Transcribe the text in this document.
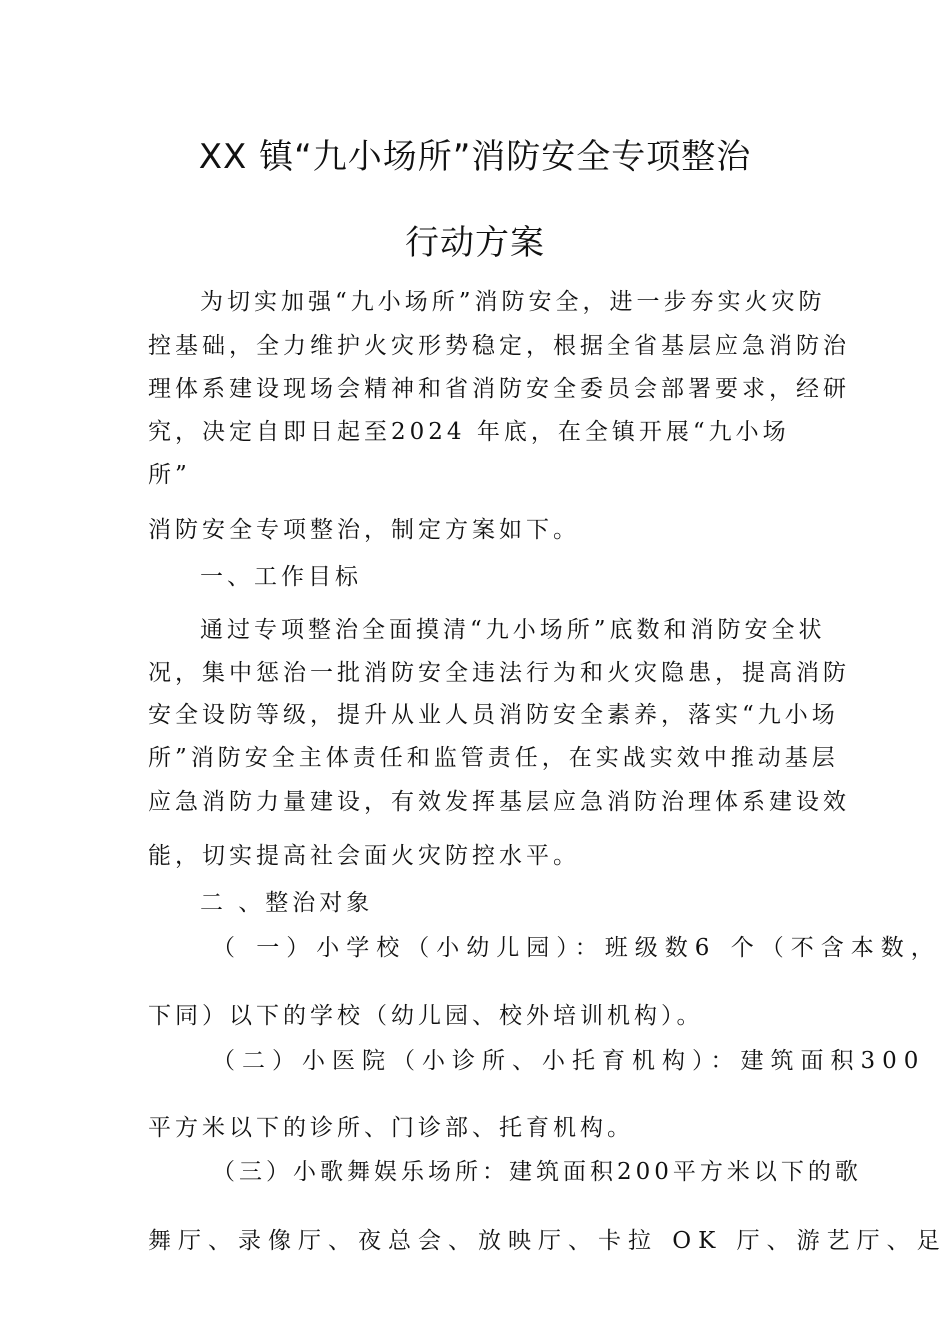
XX 镇“九小场所”消防安全专项整治
行动方案
为切实加强“九小场所”消防安全，进一步夯实火灾防
控基础，全力维护火灾形势稳定，根据全省基层应急消防治
理体系建设现场会精神和省消防安全委员会部署要求，经研
究，决定自即日起至2024 年底，在全镇开展“九小场
所”
消防安全专项整治，制定方案如下。
一、工作目标
通过专项整治全面摸清“九小场所”底数和消防安全状
况，集中惩治一批消防安全违法行为和火灾隐患，提高消防
安全设防等级，提升从业人员消防安全素养，落实“九小场
所”消防安全主体责任和监管责任，在实战实效中推动基层
应急消防力量建设，有效发挥基层应急消防治理体系建设效
能，切实提高社会面火灾防控水平。
二 、整治对象
（ 一）小学校（小幼儿园）：班级数6 个（不含本数，
下同）以下的学校（幼儿园、校外培训机构）。
（二）小医院（小诊所、小托育机构）：建筑面积300
平方米以下的诊所、门诊部、托育机构。
（三）小歌舞娱乐场所：建筑面积200平方米以下的歌
舞厅、录像厅、夜总会、放映厅、卡拉 OK 厅、游艺厅、足
